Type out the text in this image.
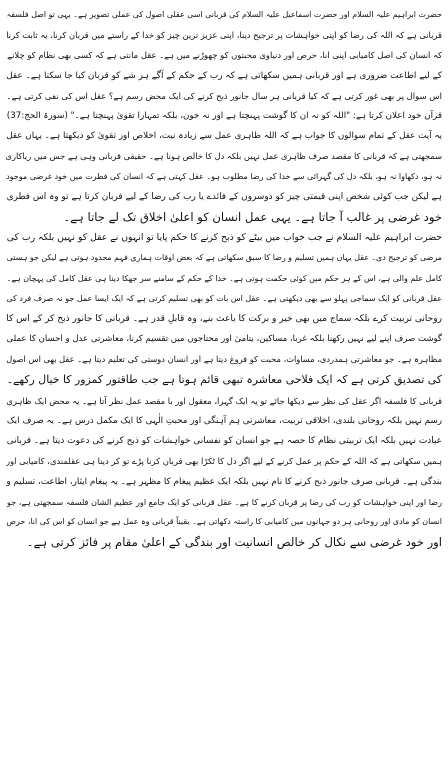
حضرت ابراہیم علیہ السلام اور حضرت اسماعیل علیہ السلام کی قربانی اسی عقلی اصول کی عملی تصویر ہے۔ یہی تو اصل فلسفہ
قربانی ہے کہ اللہ کی رضا کو اپنی خواہشات پر ترجیح دینا، اپنی عزیز ترین چیز کو خدا کے راستے میں قربان کرنا، یہ ثابت کرنا
کہ انسان کی اصل کامیابی اپنی انا، حرص اور دنیاوی محبتوں کو چھوڑنے میں ہے۔ عقل مانتی ہے کہ کسی بھی نظام کو چلانے
کے لیے اطاعت ضروری ہے اور قربانی ہمیں سکھاتی ہے کہ رب کے حکم کے آگے ہر شے کو قربان کیا جا سکتا ہے۔ عقل
اس سوال پر بھی غور کرتی ہے کہ کیا قربانی ہر سال جانور ذبح کرنے کی ایک محض رسم ہے؟ عقل اس کی نفی کرتی ہے۔
قرآن خود اعلان کرتا ہے: "اللہ کو نہ ان کا گوشت پہنچتا ہے اور نہ خون، بلکہ تمہارا تقویٰ پہنچتا ہے۔" (سورۃ الحج:37)
یہ آیت عقل کے تمام سوالوں کا جواب ہے کہ اللہ ظاہری عمل سے زیادہ نیت، اخلاص اور تقویٰ کو دیکھتا ہے۔ یہاں عقل
سمجھتی ہے کہ قربانی کا مقصد صرف ظاہری عمل نہیں بلکہ دل کا خالص ہونا ہے۔ حقیقی قربانی وہی ہے جس میں ریاکاری
نہ ہو، دکھاوا نہ ہو، بلکہ دل کی گہرائی سے خدا کی رضا مطلوب ہو۔ عقل کہتی ہے کہ انسان کی فطرت میں خود غرضی موجود
ہے لیکن جب کوئی شخص اپنی قیمتی چیز کو دوسروں کے فائدے یا رب کی رضا کے لیے قربان کرتا ہے تو وہ اس فطری
خود غرضی پر غالب آ جاتا ہے۔ یہی عمل انسان کو اعلیٰ اخلاق تک لے جاتا ہے۔

حضرت ابراہیم علیہ السلام نے جب خواب میں بیٹے کو ذبح کرنے کا حکم پایا تو انہوں نے عقل کو نہیں بلکہ رب کی
مرضی کو ترجیح دی۔ عقل یہاں ہمیں تسلیم و رضا کا سبق سکھاتی ہے کہ بعض اوقات ہماری فہم محدود ہوتی ہے لیکن جو ہستی
کامل علم والی ہے، اس کے ہر حکم میں کوئی حکمت ہوتی ہے۔ خدا کے حکم کے سامنے سر جھکا دینا ہی عقل کامل کی پہچان ہے۔
عقل قربانی کو ایک سماجی پہلو سے بھی دیکھتی ہے۔ عقل اس بات کو بھی تسلیم کرتی ہے کہ ایک ایسا عمل جو نہ صرف فرد کی
روحانی تربیت کرے بلکہ سماج میں بھی خیر و برکت کا باعث بنے، وہ قابلِ قدر ہے۔ قربانی کا جانور ذبح کر کے اس کا
گوشت صرف اپنے لیے نہیں رکھنا بلکہ غربا، مساکین، یتامیٰ اور محتاجوں میں تقسیم کرنا، معاشرتی عدل و احسان کا عملی
مظاہرہ ہے۔ جو معاشرتی ہمدردی، مساوات، محبت کو فروغ دیتا ہے اور انسان دوستی کی تعلیم دیتا ہے۔ عقل بھی اس اصول
کی تصدیق کرتی ہے کہ ایک فلاحی معاشرہ تبھی قائم ہوتا ہے جب طاقتور کمزور کا خیال رکھے۔

قربانی کا فلسفہ اگر عقل کی نظر سے دیکھا جائے تو یہ ایک گہرا، معقول اور با مقصد عمل نظر آتا ہے۔ یہ محض ایک ظاہری
رسم نہیں بلکہ روحانی بلندی، اخلاقی تربیت، معاشرتی ہم آہنگی اور محبتِ الٰہی کا ایک مکمل درس ہے۔ یہ صرف ایک
عبادت نہیں بلکہ ایک تربیتی نظام کا حصہ ہے جو انسان کو نفسانی خواہشات کو ذبح کرنے کی دعوت دیتا ہے۔ قربانی
ہمیں سکھاتی ہے کہ اللہ کے حکم پر عمل کرنے کے لیے اگر دل کا ٹکڑا بھی قربان کرنا پڑے تو کر دینا ہی عقلمندی، کامیابی اور
بندگی ہے۔ قربانی صرف جانور ذبح کرنے کا نام نہیں بلکہ ایک عظیم پیغام کا مظہر ہے۔ یہ پیغام ایثار، اطاعت، تسلیم و
رضا اور اپنی خواہشات کو رب کی رضا پر قربان کرنے کا ہے۔ عقل قربانی کو ایک جامع اور عظیم الشان فلسفہ سمجھتی ہے، جو
انسان کو مادی اور روحانی ہر دو جہانوں میں کامیابی کا راستہ دکھاتی ہے۔ یقیناً قربانی وہ عمل ہے جو انسان کو اس کی انا، حرص
اور خود غرضی سے نکال کر خالص انسانیت اور بندگی کے اعلیٰ مقام پر فائز کرتی ہے۔
